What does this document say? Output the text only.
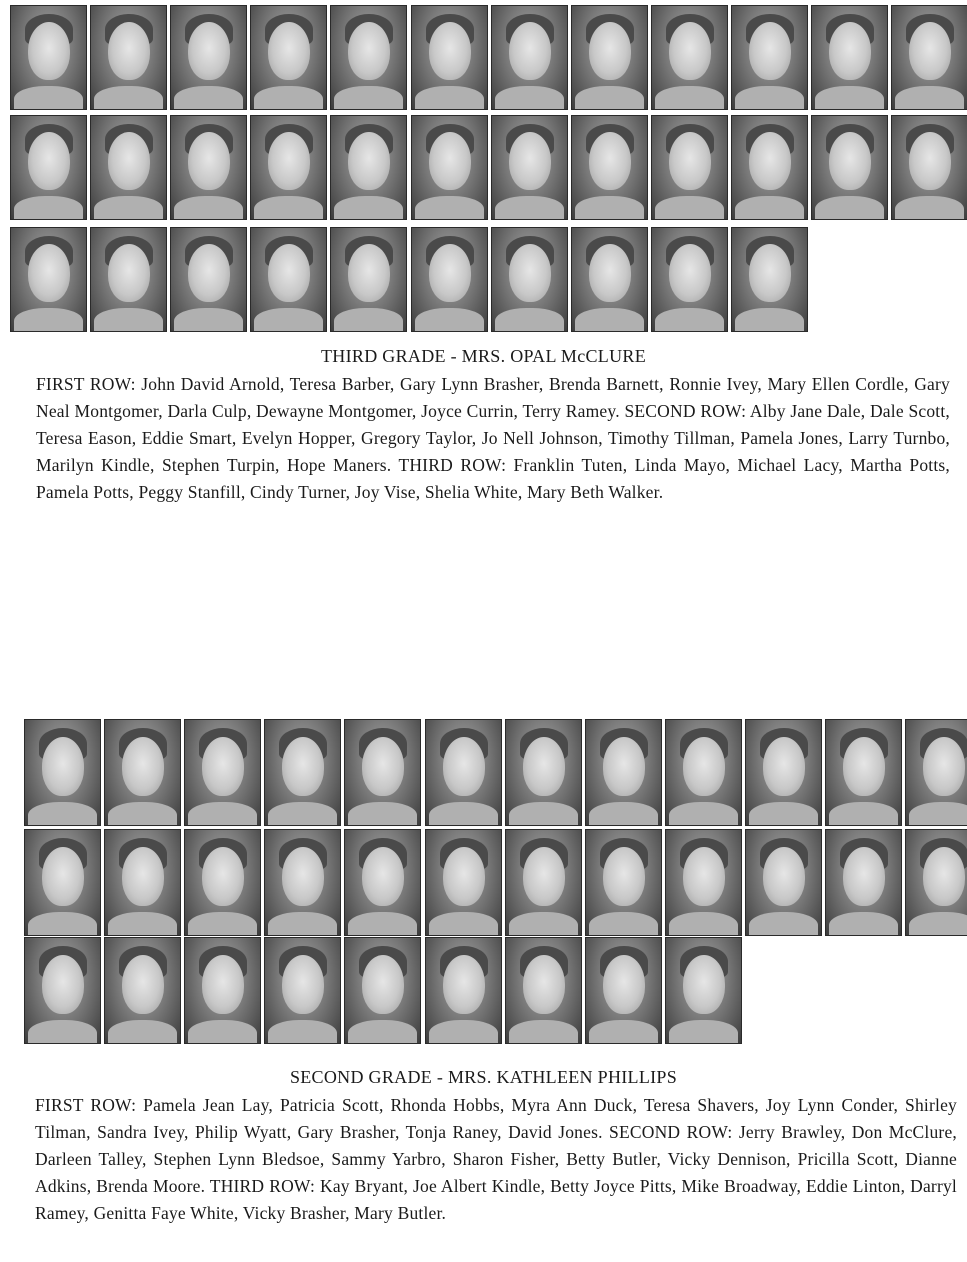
THIRD GRADE - MRS. OPAL McCLURE
FIRST ROW: John David Arnold, Teresa Barber, Gary Lynn Brasher, Brenda Barnett, Ronnie Ivey, Mary Ellen Cordle, Gary Neal Montgomer, Darla Culp, Dewayne Montgomer, Joyce Currin, Terry Ramey. SECOND ROW: Alby Jane Dale, Dale Scott, Teresa Eason, Eddie Smart, Evelyn Hopper, Gregory Taylor, Jo Nell Johnson, Timothy Tillman, Pamela Jones, Larry Turnbo, Marilyn Kindle, Stephen Turpin, Hope Maners. THIRD ROW: Franklin Tuten, Linda Mayo, Michael Lacy, Martha Potts, Pamela Potts, Peggy Stanfill, Cindy Turner, Joy Vise, Shelia White, Mary Beth Walker.
SECOND GRADE - MRS. KATHLEEN PHILLIPS
FIRST ROW: Pamela Jean Lay, Patricia Scott, Rhonda Hobbs, Myra Ann Duck, Teresa Shavers, Joy Lynn Conder, Shirley Tilman, Sandra Ivey, Philip Wyatt, Gary Brasher, Tonja Raney, David Jones. SECOND ROW: Jerry Brawley, Don McClure, Darleen Talley, Stephen Lynn Bledsoe, Sammy Yarbro, Sharon Fisher, Betty Butler, Vicky Dennison, Pricilla Scott, Dianne Adkins, Brenda Moore. THIRD ROW: Kay Bryant, Joe Albert Kindle, Betty Joyce Pitts, Mike Broadway, Eddie Linton, Darryl Ramey, Genitta Faye White, Vicky Brasher, Mary Butler.
